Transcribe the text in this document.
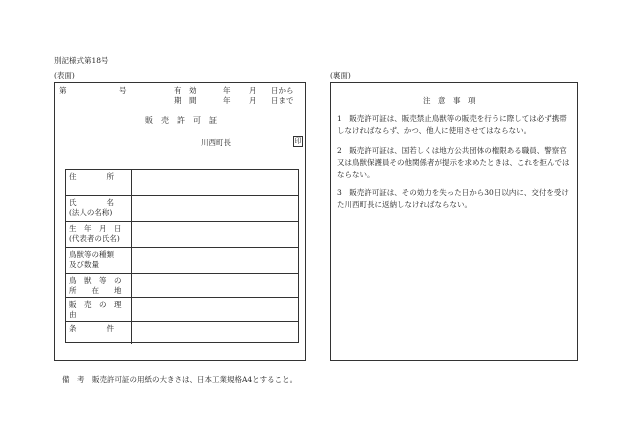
別記様式第18号
(表面)	(裏面)
第	号	有　効
期　間
年 月 日から
年 月 日まで
販　売　許　可　証
川西町長	印
住　　　　所
氏　　　　名
(法人の名称)
生　年　月　日
(代表者の氏名)
鳥獣等の種類
及び数量
鳥　獣　等　の
所　　在　　地
販　売　の　理　由
条　　　　件
注　意　事　項
1　販売許可証は、販売禁止鳥獣等の販売を行うに際しては必ず携帯しなければならず、かつ、他人に使用させてはならない。
2　販売許可証は、国若しくは地方公共団体の権限ある職員、警察官又は鳥獣保護員その他関係者が提示を求めたときは、これを拒んではならない。
3　販売許可証は、その効力を失った日から30日以内に、交付を受けた川西町長に返納しなければならない。
備　考　販売許可証の用紙の大きさは、日本工業規格A4とすること。
